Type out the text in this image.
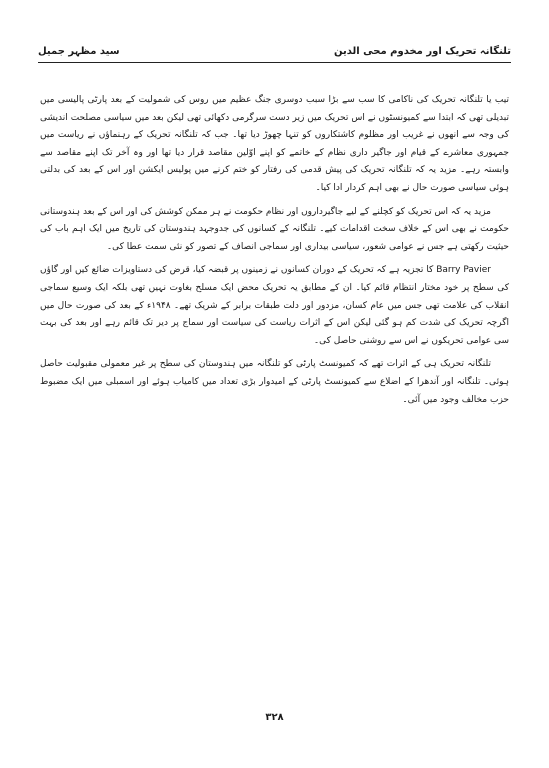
تلنگانہ تحریک اور مخدوم محی الدین
سید مظہر جمیل

تیب یا تلنگانہ تحریک کی ناکامی کا سب سے بڑا سبب دوسری جنگ عظیم میں روس کی شمولیت کے بعد پارٹی پالیسی میں تبدیلی تھی کہ ابتدا سے کمیونسٹوں نے اس تحریک میں زیر دست سرگرمی دکھائی تھی لیکن بعد میں سیاسی مصلحت اندیشی کی وجہ سے انھوں نے غریب اور مظلوم کاشتکاروں کو تنہا چھوڑ دیا تھا۔ جب کہ تلنگانہ تحریک کے رہنماؤں نے ریاست میں جمہوری معاشرے کے قیام اور جاگیر داری نظام کے خاتمے کو اپنے اوّلین مقاصد قرار دیا تھا اور وہ آخر تک اپنے مقاصد سے وابستہ رہے۔ مزید یہ کہ تلنگانہ تحریک کی پیش قدمی کی رفتار کو ختم کرنے میں پولیس ایکشن اور اس کے بعد کی بدلتی ہوئی سیاسی صورت حال نے بھی اہم کردار ادا کیا۔

مزید یہ کہ اس تحریک کو کچلنے کے لیے جاگیرداروں اور نظام حکومت نے ہر ممکن کوشش کی اور اس کے بعد ہندوستانی حکومت نے بھی اس کے خلاف سخت اقدامات کیے۔ تلنگانہ کے کسانوں کی جدوجہد ہندوستان کی تاریخ میں ایک اہم باب کی حیثیت رکھتی ہے جس نے عوامی شعور، سیاسی بیداری اور سماجی انصاف کے تصور کو نئی سمت عطا کی۔

Barry Pavier کا تجزیہ ہے کہ تحریک کے دوران کسانوں نے زمینوں پر قبضہ کیا، قرض کی دستاویزات ضائع کیں اور گاؤں کی سطح پر خود مختار انتظام قائم کیا۔ ان کے مطابق یہ تحریک محض ایک مسلح بغاوت نہیں تھی بلکہ ایک وسیع سماجی انقلاب کی علامت تھی جس میں عام کسان، مزدور اور دلت طبقات برابر کے شریک تھے۔ ۱۹۴۸ء کے بعد کی صورت حال میں اگرچہ تحریک کی شدت کم ہو گئی لیکن اس کے اثرات ریاست کی سیاست اور سماج پر دیر تک قائم رہے اور بعد کی بہت سی عوامی تحریکوں نے اس سے روشنی حاصل کی۔

تلنگانہ تحریک ہی کے اثرات تھے کہ کمیونسٹ پارٹی کو تلنگانہ میں ہندوستان کی سطح پر غیر معمولی مقبولیت حاصل ہوئی۔ تلنگانہ اور آندھرا کے اضلاع سے کمیونسٹ پارٹی کے امیدوار بڑی تعداد میں کامیاب ہوئے اور اسمبلی میں ایک مضبوط حزب مخالف وجود میں آئی۔

۳۲۸
